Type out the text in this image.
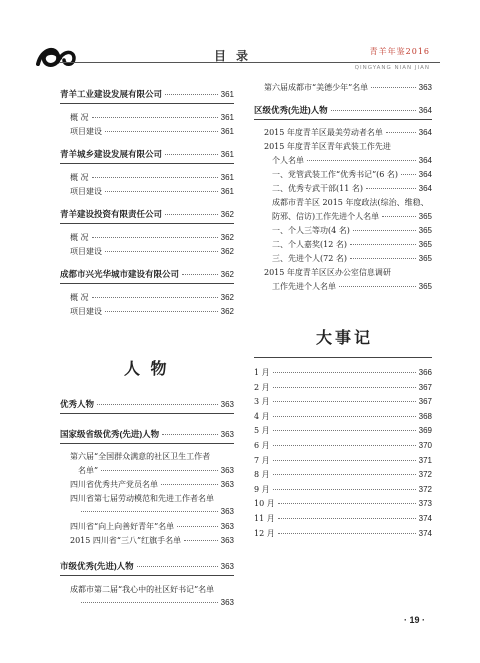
目录	青羊年鉴2016
QINGYANG NIAN JIAN
青羊工业建设发展有限公司	361
概 况	361
项目建设	361
青羊城乡建设发展有限公司	361
概 况	361
项目建设	361
青羊建设投资有限责任公司	362
概 况	362
项目建设	362
成都市兴光华城市建设有限公司	362
概 况	362
项目建设	362
人 物
优秀人物	363
国家级省级优秀(先进)人物	363
第六届“全国群众满意的社区卫生工作者
名单”	363
四川省优秀共产党员名单	363
四川省第七届劳动模范和先进工作者名单
363
四川省“向上向善好青年”名单	363
2015 四川省“三八”红旗手名单	363
市级优秀(先进)人物	363
成都市第二届“我心中的社区好书记”名单
363
第六届成都市“美德少年”名单	363
区级优秀(先进)人物	364
2015 年度青羊区最美劳动者名单	364
2015 年度青羊区青年武装工作先进
个人名单	364
一、党管武装工作“优秀书记”(6 名)	364
二、优秀专武干部(11 名)	364
成都市青羊区 2015 年度政法(综治、维稳、
防邪、信访)工作先进个人名单	365
一、个人三等功(4 名)	365
二、个人嘉奖(12 名)	365
三、先进个人(72 名)	365
2015 年度青羊区区办公室信息调研
工作先进个人名单	365
大事记
1 月	366
2 月	367
3 月	367
4 月	368
5 月	369
6 月	370
7 月	371
8 月	372
9 月	372
10 月	373
11 月	374
12 月	374
· 19 ·
